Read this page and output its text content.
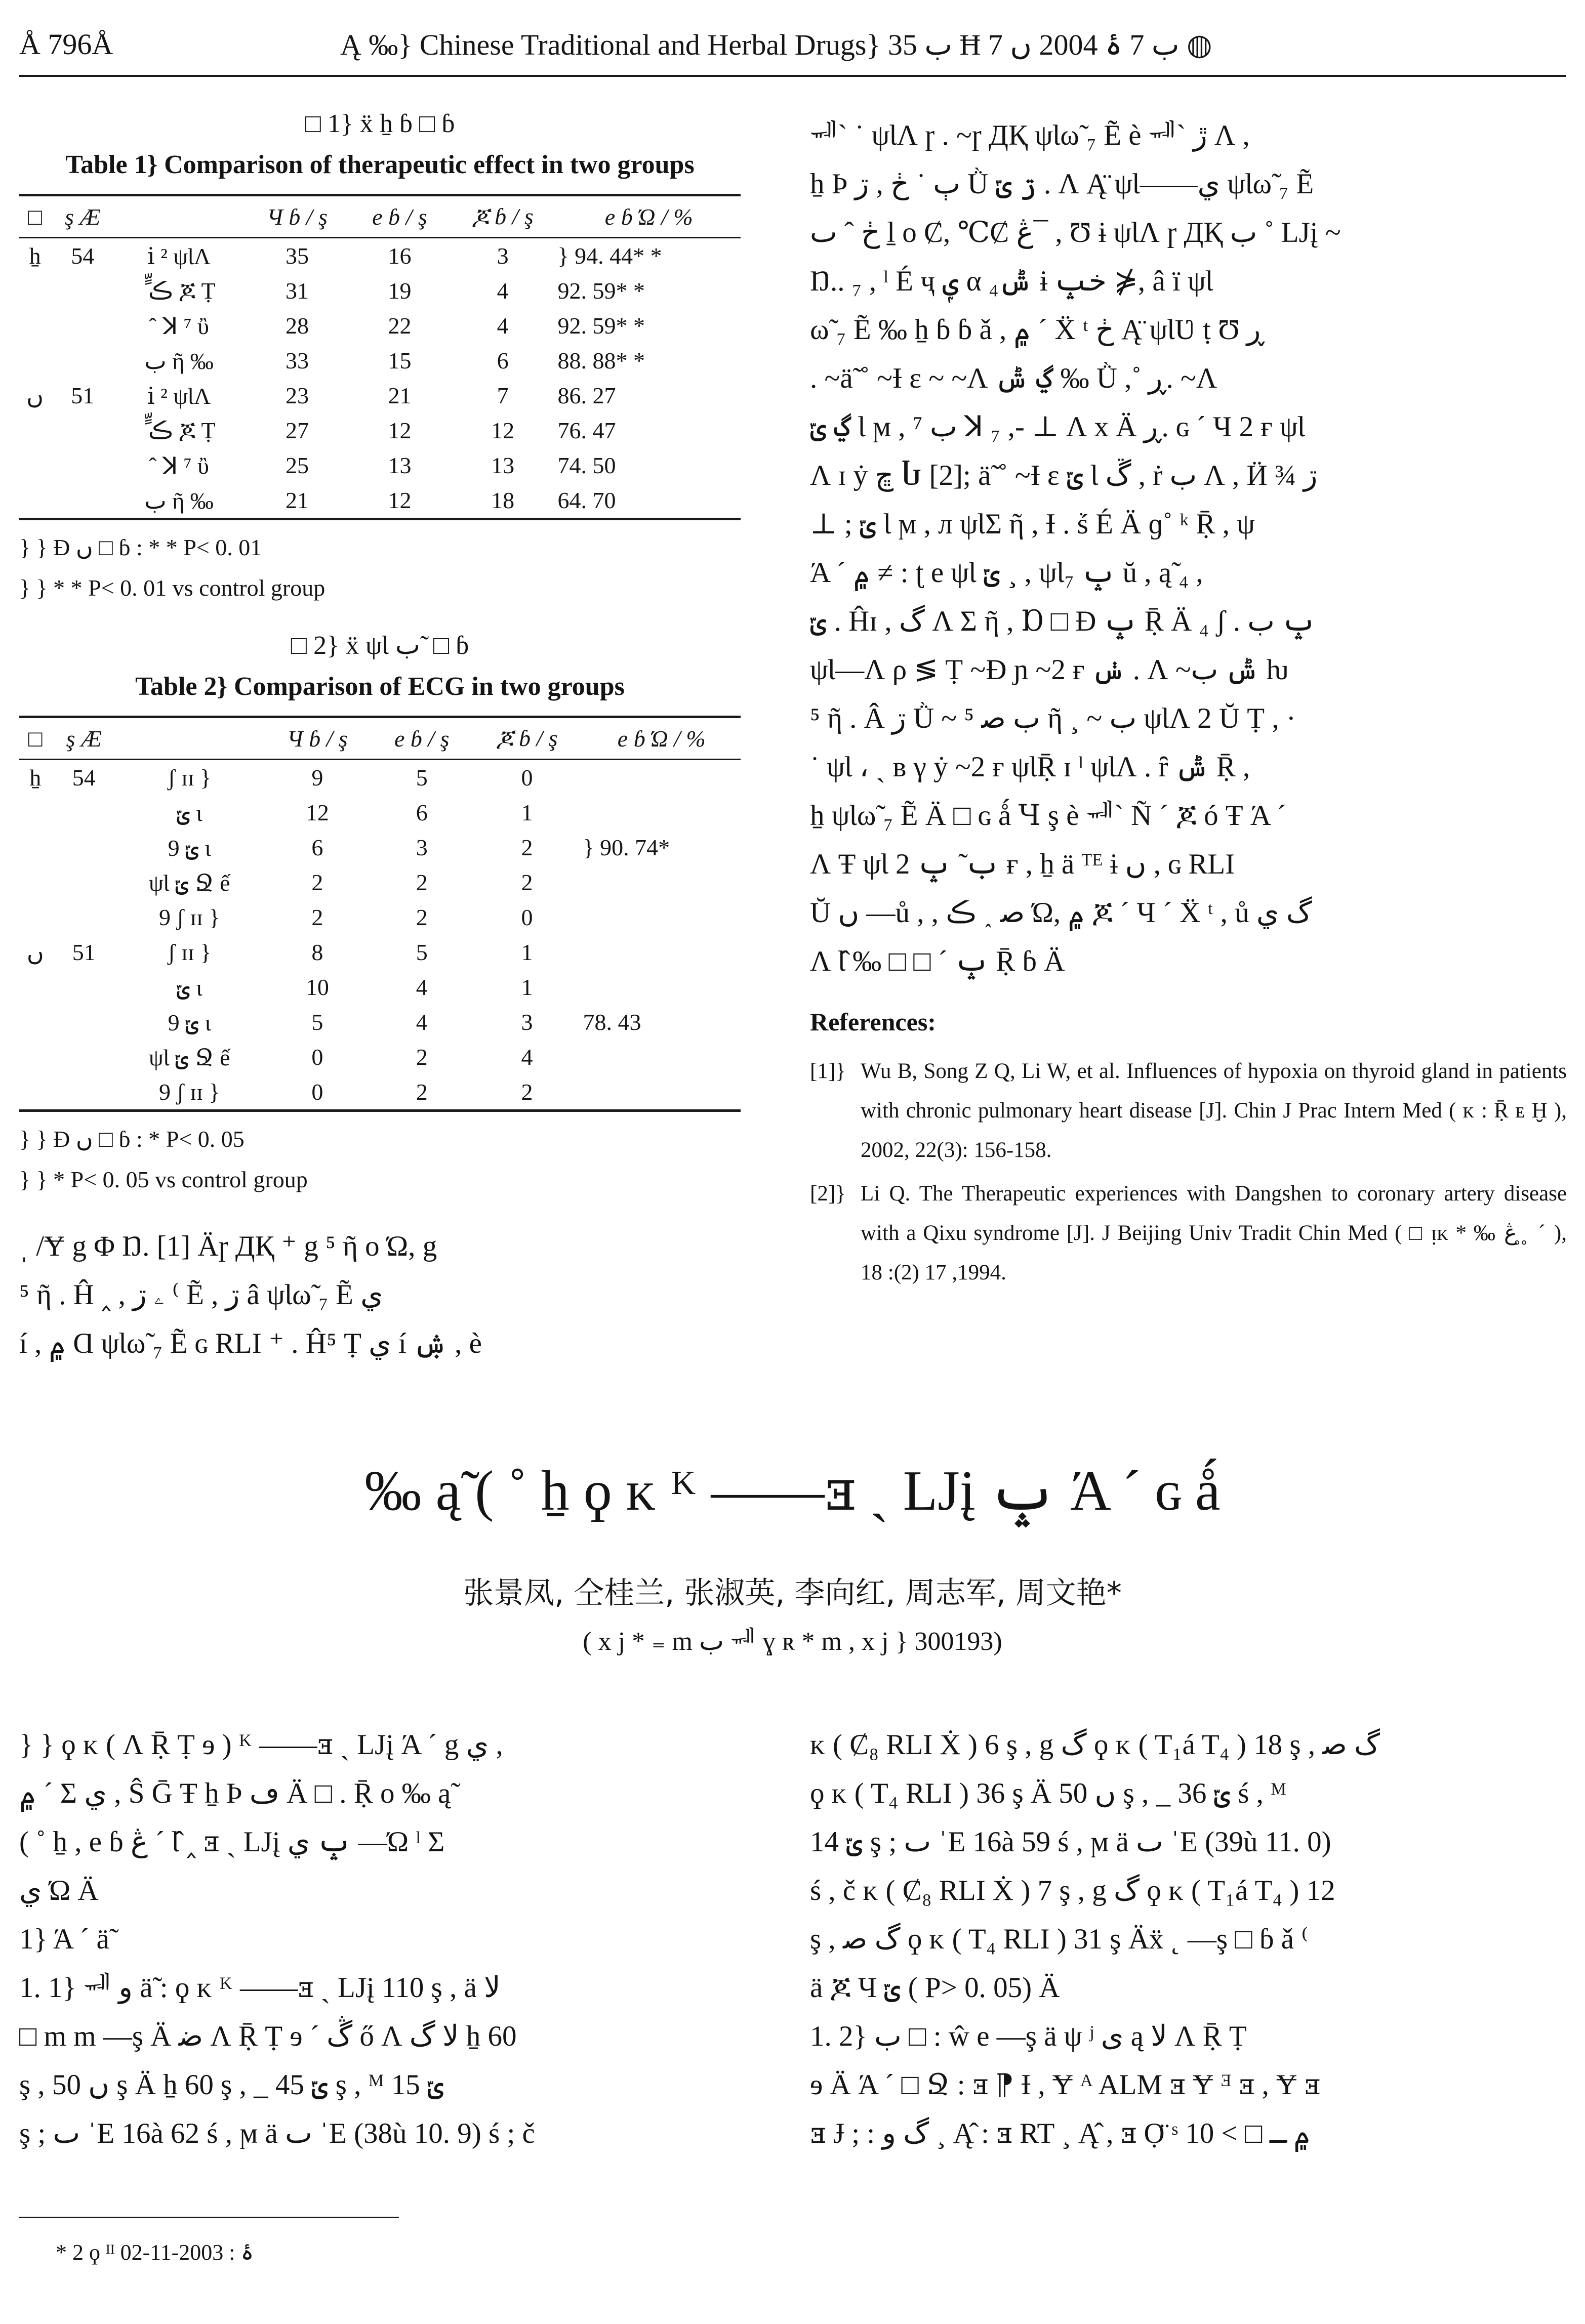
Å 796Å	Ą ‰} Chinese Traditional and Herbal Drugs} ب 35 Ħ ب 7 ۂ 2004 ں 7 ◍
□ 1} ẍ ẖ ɓ □ ɓ
Table 1} Comparison of therapeutic effect in two groups
□	ş Æ		Ч ɓ / ş	e ɓ / ş	ጆ ɓ / ş	e ɓ Ώ / %
ẖ	54	ⅰ ² ψƖɅ	35	16	3	} 94. 44* *
		ٍّ ڪ ጆ Ṭ	31	19	4	92. 59* *
		ˆ ꓘ ⁷ ὒ	28	22	4	92. 59* *
		ب ῆ ‰	33	15	6	88. 88* *
ں	51	ⅰ ² ψƖɅ	23	21	7	86. 27
		ٍّ ڪ ጆ Ṭ	27	12	12	76. 47
		ˆ ꓘ ⁷ ὒ	25	13	13	74. 50
		ب ῆ ‰	21	12	18	64. 70
} } Ɖ ں □ ɓ : * * P< 0. 01
} } * * P< 0. 01 vs control group
□ 2} ẍ ψƖ ب ̃ □ ɓ
Table 2} Comparison of ECG in two groups
□	ş Æ		Ч ɓ / ş	e ɓ / ş	ጆ ɓ / ş	e ɓ Ώ / %
ẖ	54	ʃ ɪɪ }	9	5	0	
		ݶ ι	12	6	1	
		9 ݶ ι	6	3	2	} 90. 74*
		ψƖ ݶ Ջ ế	2	2	2	
		9 ʃ ɪɪ }	2	2	0	
ں	51	ʃ ɪɪ }	8	5	1	
		ݶ ι	10	4	1	
		9 ݶ ι	5	4	3	78. 43
		ψƖ ݶ Ջ ế	0	2	4	
		9 ʃ ɪɪ }	0	2	2	
} } Ɖ ں □ ɓ : * P< 0. 05
} } * P< 0. 05 vs control group
ˌ /Ɏ g Φ Ŋ. [1] Äɼ ДҚ ⁺ g ⁵ ῆ ο Ώ, g
⁵ ῆ . Ĥ ‸ , ۦ ڗ ⁽ Ẽ , ڗ â ψƖω̃ ₇ Ẽ ي
í , ۾ Ɑ ψƖω̃ ₇ Ẽ ɢ RLI ⁺ . Ĥ⁵ Ṭ ي í ۺ , è
ᆐ` ˙ ψƖɅ ɼ . ~ɼ ДҚ ψƖω̃ ₇ Ẽ è ᆐ` ڙ Ʌ ,
ẖ Þ ٻ ˙ ڂ , ڗ Ǜ ڗ ݶ . Ʌ Ą̈ ψƖ——ي ψƖω̃ ₇ Ẽ
ڂ ˆ ٮ ḻ ο Ȼ, ℃Ȼ ڠ¯ , Ʊ ɨ ψƖɅ ɼ ДҚ ب ˚ Ǉį ~
Ŋ.. ₇ , ˡ É ҷ ݷ α ݰ₄ ɨ خݒ ⋡, â ï ψƖ
ω̃ ₇ Ẽ ‰ ẖ ɓ ɓ ǎ , ۾ ˊ Ẍ ᵗ ڂ Ą̈ ψƖƲ ṭ Ʊ ڕ
. ~ä̃ ˚ ~Ɨ ε ~ ~Ʌ ڲ ݰ ‰ Ǜ ,˚ ڕ. ~Ʌ
ڲ ݶ Ɩ ϻ , ⁷ ب ꓘ ₇ ,- ⊥ Ʌ x Ä ڕ. ɢ ˊ Ч 2 ғ ψƖ
Ʌ ɪ ẏ ڇ Ⴑ [2]; ä̃ ˚ ~Ɨ ε ݶ Ɩ ڱ , ṙ ب Ʌ , Ӥ ¾ ڗ
⊥ ; ݶ Ɩ ϻ , л ψƖΣ ῆ , Ɨ . ṥ É Ä ɡ˚ ᵏ Ṝ , ψ
Ά ˊ ۾ ≠ : ʈ e ψƖ ݶ ¸ , ψƖ₇ ݒ ŭ , ą̃ ₄ ,
ݶ . Ĥɪ , گ Ʌ Σ ῆ , Ɒ □ Ð ݒ Ṝ Ä ₄ ʃ . ݒ ب
ψƖ—Ʌ ρ ≶ Ṭ ~Ð ɲ ~2 ғ ݭ . Ʌ ~ݰ ب ƕ
⁵ ῆ . Â ڗ Ǜ ~ ب ﺻ ⁵ ῆ ¸ ~ ب ψƖɅ 2 Ŭ Ṭ , ·
˙ ψƖ ، ˏ ʙ γ ẏ ~2 ғ ψƖṜ ɪ ˡ ψƖɅ . ȓ ݰ Ṝ ,
ẖ ψƖω̃ ₇ Ẽ Ä □ ɢ ǻ Ɥ ş è ᆐ` Ñ ˊ ጆ ó Ŧ Ά ˊ
Ʌ Ŧ ψƖ ب ̃ ݒ 2 ғ , ẖ ä ᵀᴱ ɨ ں , ɢ RLI
Ŭ ں —ů , , ﺻ ˰ ڪ Ώ, ۾ ጆ ˊ Ч ˊ Ẍ ᵗ , ů گ ي
Ʌ Ɩ̂ ‰ □ □ ˊ ݒ Ṝ ɓ Ä
References:
[1]} Wu B, Song Z Q, Li W, et al. Influences of hypoxia on thyroid gland in patients with chronic pulmonary heart disease [J]. Chin J Prac Intern Med ( ᴋ : Ṝ ᴇ Ḫ ), 2002, 22(3): 156-158.
[2]} Li Q. The Therapeutic experiences with Dangshen to coronary artery disease with a Qixu syndrome [J]. J Beijing Univ Tradit Chin Med ( □ ᴉᴋ * ‰ ڠ ̥ ̥ ˊ ), 1994, 17 (2): 18.
‰ ą̃ ( ˚ ẖ ϙ ᴋ ᴷ ——ⱻ ˏ Ǉį ݒ Ά ˊ ɢ ǻ
张景凤, 仝桂兰, 张淑英, 李向红, 周志军, 周文艳*
( x j * ₌ m ب ᆐ ɣ ʀ * m , x j } 300193)
} } ϙ ᴋ ( Ʌ Ṝ Ṭ ɘ ) ᴷ ——ⱻ ˏ Ǉį Ά ˊ g ي ,
۾ ˊ Σ ي , Ŝ Ḡ Ŧ ẖ Þ ڡ Ä □ . Ṝ ο ‰ ą̃
( ˚ ẖ , e ɓ ڠ ˊ Ɩ̂ ‸ ⱻ ˏ Ǉį ݒ ي —Ώ ˡ Σ
ي Ώ Ä
1} Ά ˊ ä̃
1. 1} ᆐ و ä̃ : ϙ ᴋ ᴷ ——ⱻ ˏ Ǉį 110 ş , ä ﻻ
□ m m —ş Ä ﺿ Ʌ Ṝ Ṭ ɘ ˊ ڴ ő Ʌ ﻻ گ ẖ 60
ş , ں 50 ş Ä ẖ 60 ş , _ ݶ 45 ş , ᴹ ݶ 15
ş ; ٮ ˈE 16à 62 ś , ϻ ä ٮ ˈE (38ù 10. 9) ś ; č
ᴋ ( Ȼ₈ RLI Ẋ ) 6 ş , g گ ϙ ᴋ ( T₁á T₄ ) 18 ş , گ ﺻ
ϙ ᴋ ( T₄ RLI ) 36 ş Ä ں 50 ş , _ ݶ 36 ś , ᴹ
ݶ 14 ş ; ٮ ˈE 16à 59 ś , ϻ ä ٮ ˈE (39ù 11. 0)
ś , č ᴋ ( Ȼ₈ RLI Ẋ ) 7 ş , g گ ϙ ᴋ ( T₁á T₄ ) 12
ş , گ ﺻ ϙ ᴋ ( T₄ RLI ) 31 ş Äẍ ˛ —ş □ ɓ ǎ ⁽
ä ጆ Ч ݶ ( P> 0. 05) Ä
1. 2} ب □ : ŵ e —ş ä ψ ʲ ى ą ﻻ Ʌ Ṝ Ṭ
ɘ Ä Ά ˊ □ Ջ : ⱻ ⁋ Ɨ , Ɏ ᴬ ALM ⱻ Ɏ ᴲ ⱻ , Ɏ ⱻ
ⱻ Ɉ ; : گ و ¸ Ą̂ : ⱻ RT ¸ Ą̂ , ⱻ Ọ̈ ˢ ۾ ـ □ > 10
* 2 ϙ ᴵᴵ ۂ : 2003-11-02
